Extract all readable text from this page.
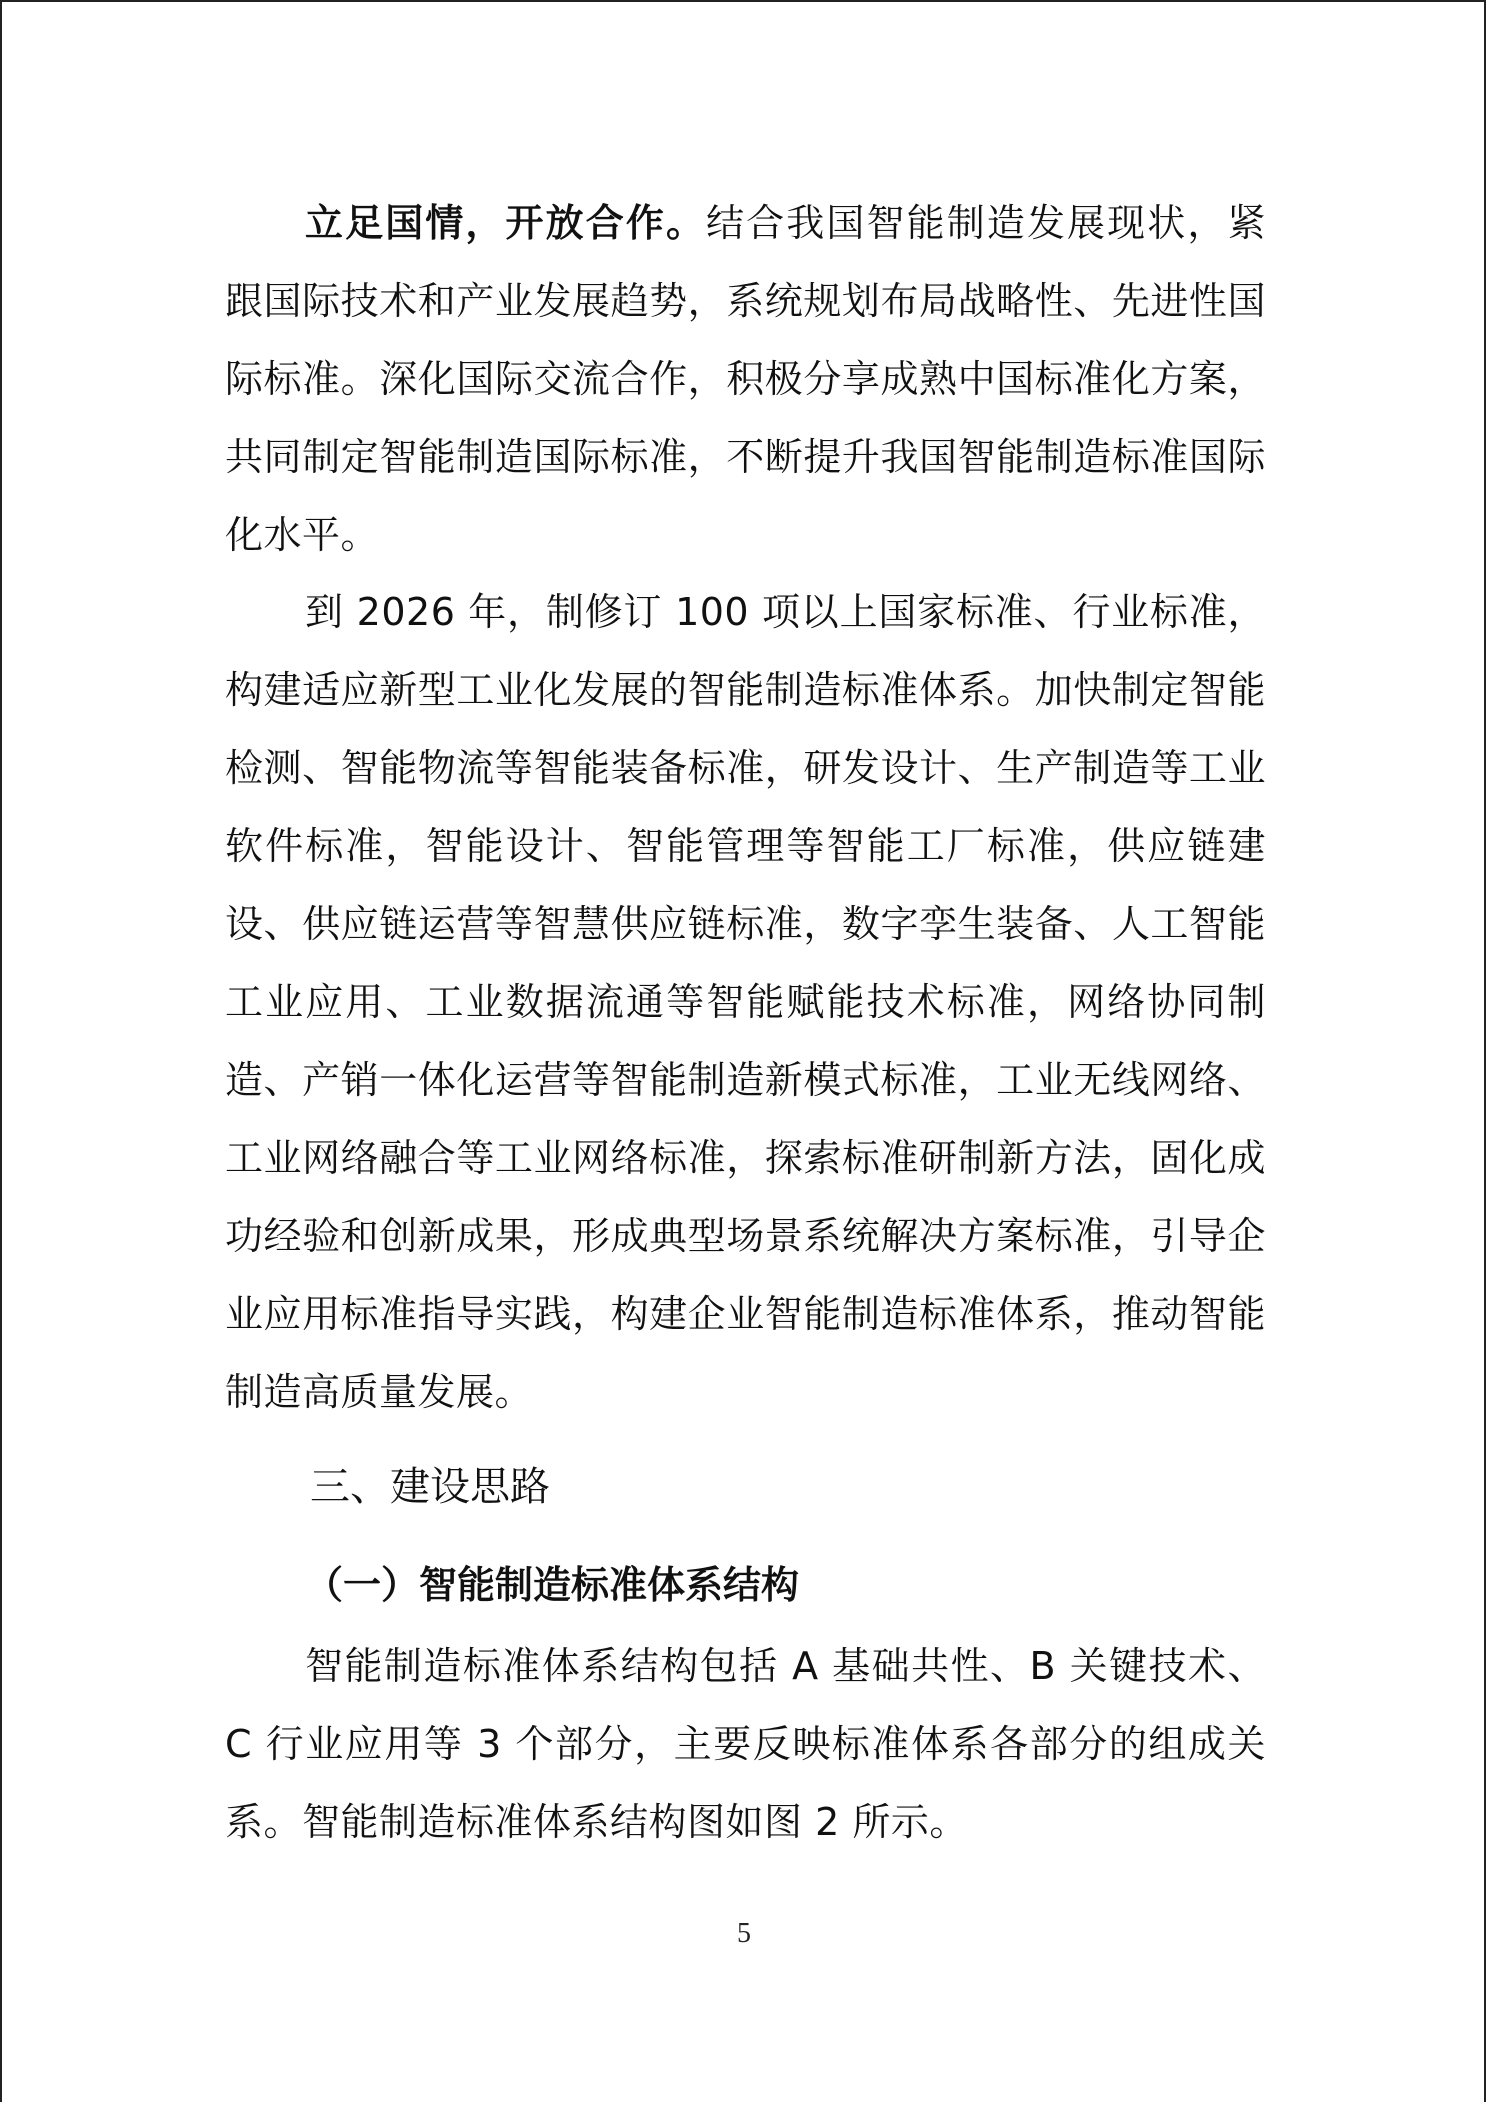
立足国情，开放合作。结合我国智能制造发展现状，紧跟国际技术和产业发展趋势，系统规划布局战略性、先进性国际标准。深化国际交流合作，积极分享成熟中国标准化方案，共同制定智能制造国际标准，不断提升我国智能制造标准国际化水平。

到 2026 年，制修订 100 项以上国家标准、行业标准，构建适应新型工业化发展的智能制造标准体系。加快制定智能检测、智能物流等智能装备标准，研发设计、生产制造等工业软件标准，智能设计、智能管理等智能工厂标准，供应链建设、供应链运营等智慧供应链标准，数字孪生装备、人工智能工业应用、工业数据流通等智能赋能技术标准，网络协同制造、产销一体化运营等智能制造新模式标准，工业无线网络、工业网络融合等工业网络标准，探索标准研制新方法，固化成功经验和创新成果，形成典型场景系统解决方案标准，引导企业应用标准指导实践，构建企业智能制造标准体系，推动智能制造高质量发展。

三、建设思路
（一）智能制造标准体系结构

智能制造标准体系结构包括 A 基础共性、B 关键技术、C 行业应用等 3 个部分，主要反映标准体系各部分的组成关系。智能制造标准体系结构图如图 2 所示。

5
